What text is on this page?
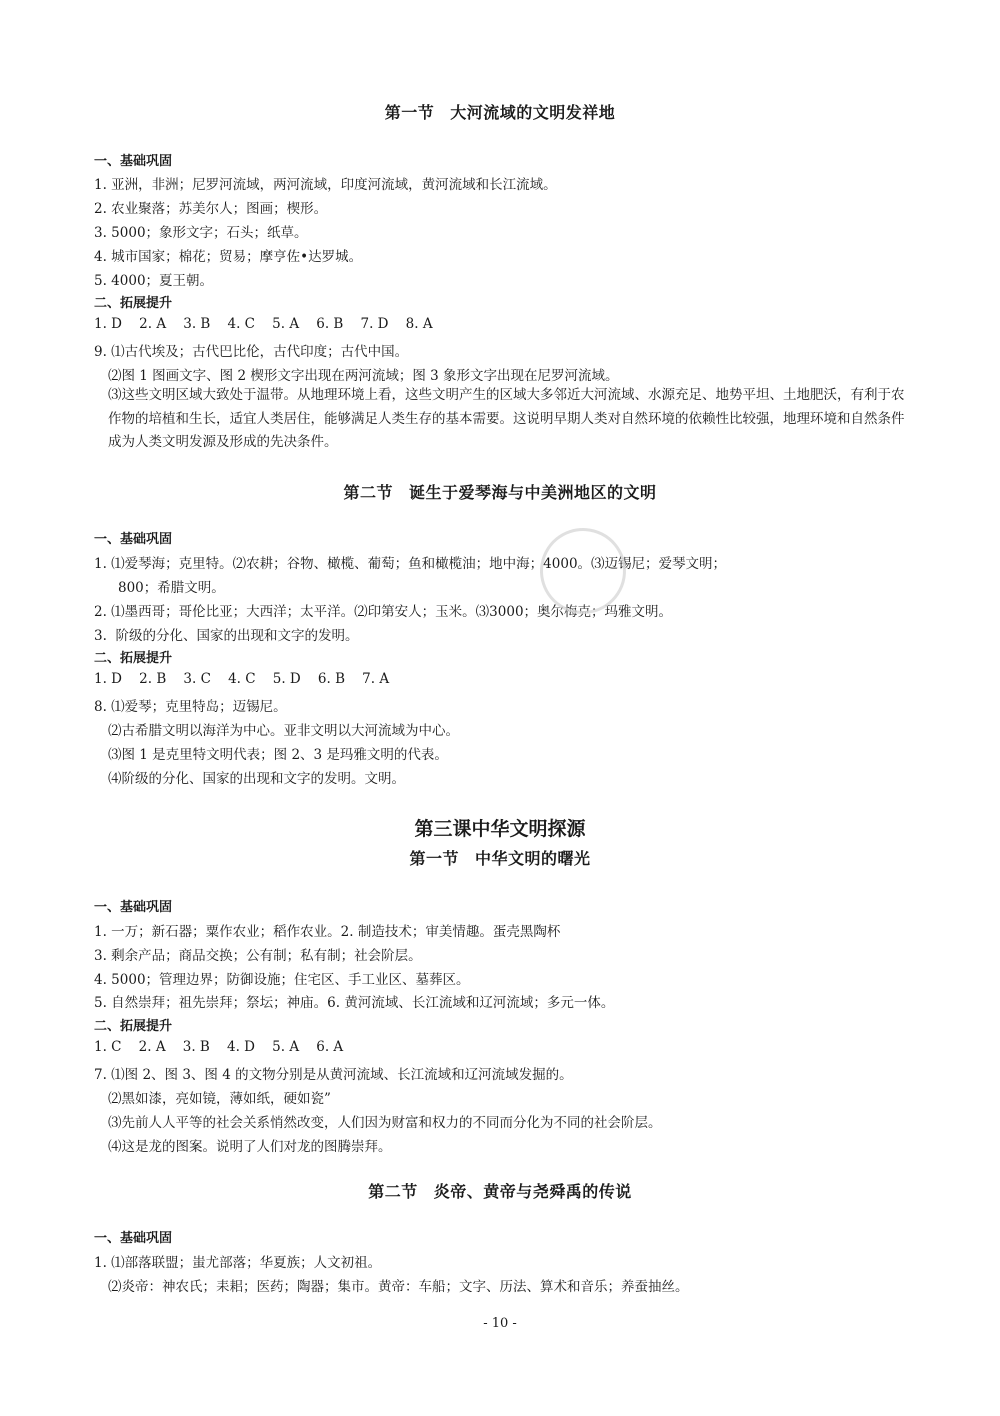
第一节 大河流域的文明发祥地
一、基础巩固
1. 亚洲，非洲；尼罗河流域，两河流域，印度河流域，黄河流域和长江流域。
2. 农业聚落；苏美尔人；图画；楔形。
3. 5000；象形文字；石头；纸草。
4. 城市国家；棉花；贸易；摩亨佐•达罗城。
5. 4000；夏王朝。
二、拓展提升
1. D    2. A    3. B    4. C    5. A    6. B    7. D    8. A
9. ⑴古代埃及；古代巴比伦，古代印度；古代中国。
⑵图 1 图画文字、图 2 楔形文字出现在两河流域；图 3 象形文字出现在尼罗河流域。
⑶这些文明区域大致处于温带。从地理环境上看，这些文明产生的区域大多邻近大河流域、水源充足、地势平坦、土地肥沃，有利于农作物的培植和生长，适宜人类居住，能够满足人类生存的基本需要。这说明早期人类对自然环境的依赖性比较强，地理环境和自然条件成为人类文明发源及形成的先决条件。
第二节 诞生于爱琴海与中美洲地区的文明
一、基础巩固
1. ⑴爱琴海；克里特。⑵农耕；谷物、橄榄、葡萄；鱼和橄榄油；地中海；4000。⑶迈锡尼；爱琴文明；
800；希腊文明。
2. ⑴墨西哥；哥伦比亚；大西洋；太平洋。⑵印第安人；玉米。⑶3000；奥尔梅克；玛雅文明。
3.  阶级的分化、国家的出现和文字的发明。
二、拓展提升
1. D    2. B    3. C    4. C    5. D    6. B    7. A
8. ⑴爱琴；克里特岛；迈锡尼。
⑵古希腊文明以海洋为中心。亚非文明以大河流域为中心。
⑶图 1 是克里特文明代表；图 2、3 是玛雅文明的代表。
⑷阶级的分化、国家的出现和文字的发明。文明。
第三课中华文明探源
第一节 中华文明的曙光
一、基础巩固
1. 一万；新石器；粟作农业；稻作农业。2. 制造技术；审美情趣。蛋壳黑陶杯
3. 剩余产品；商品交换；公有制；私有制；社会阶层。
4. 5000；管理边界；防御设施；住宅区、手工业区、墓葬区。
5. 自然崇拜；祖先崇拜；祭坛；神庙。6. 黄河流域、长江流域和辽河流域；多元一体。
二、拓展提升
1. C    2. A    3. B    4. D    5. A    6. A
7. ⑴图 2、图 3、图 4 的文物分别是从黄河流域、长江流域和辽河流域发掘的。
⑵黑如漆，亮如镜，薄如纸，硬如瓷”
⑶先前人人平等的社会关系悄然改变，人们因为财富和权力的不同而分化为不同的社会阶层。
⑷这是龙的图案。说明了人们对龙的图腾崇拜。
第二节 炎帝、黄帝与尧舜禹的传说
一、基础巩固
1. ⑴部落联盟；蚩尤部落；华夏族；人文初祖。
⑵炎帝：神农氏；耒耜；医药；陶器；集市。黄帝：车船；文字、历法、算术和音乐；养蚕抽丝。
- 10 -
